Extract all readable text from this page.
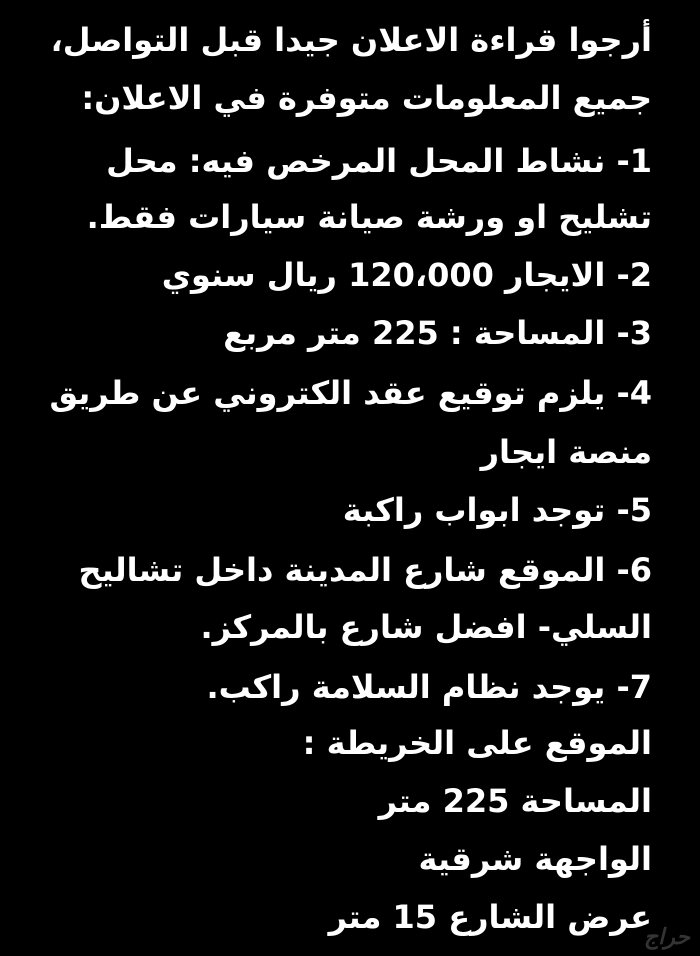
أرجوا قراءة الاعلان جيدا قبل التواصل،
جميع المعلومات متوفرة في الاعلان:
1- نشاط المحل المرخص فيه: محل
تشليح او ورشة صيانة سيارات فقط.
2- الايجار 120،000 ريال سنوي
3- المساحة : 225 متر مربع
4- يلزم توقيع عقد الكتروني عن طريق
منصة ايجار
5- توجد ابواب راكبة
6- الموقع شارع المدينة داخل تشاليح
السلي- افضل شارع بالمركز.
7- يوجد نظام السلامة راكب.
الموقع على الخريطة :
المساحة 225 متر
الواجهة شرقية
عرض الشارع 15 متر
حراج
